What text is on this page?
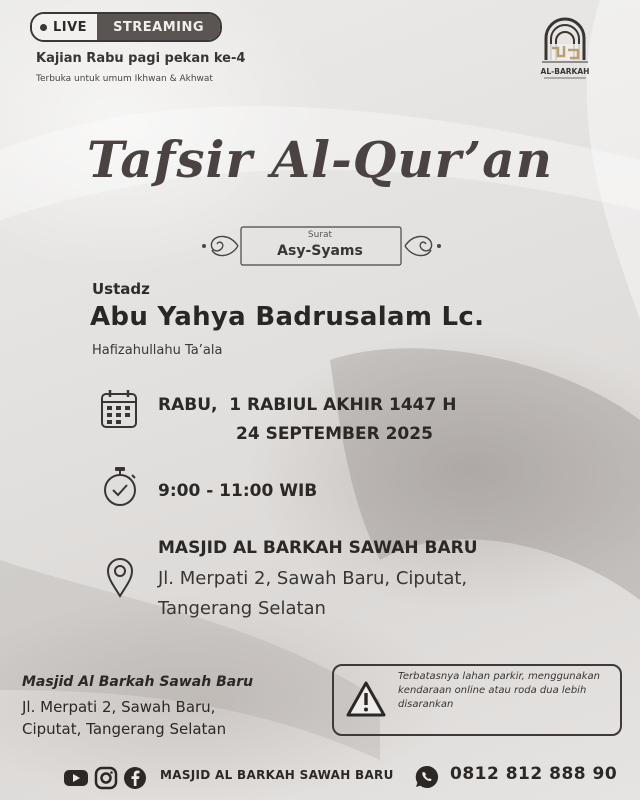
LIVE	STREAMING
Kajian Rabu pagi pekan ke-4
Terbuka untuk umum Ikhwan & Akhwat
AL-BARKAH
Tafsir Al-Qur’an
Surat
Asy-Syams
Ustadz
Abu Yahya Badrusalam Lc.
Hafizahullahu Ta’ala
RABU,  1 RABIUL AKHIR 1447 H
24 SEPTEMBER 2025
9:00 - 11:00 WIB
MASJID AL BARKAH SAWAH BARU
Jl. Merpati 2, Sawah Baru, Ciputat,
Tangerang Selatan
Masjid Al Barkah Sawah Baru
Jl. Merpati 2, Sawah Baru,
Ciputat, Tangerang Selatan
Terbatasnya lahan parkir, menggunakan kendaraan online atau roda dua lebih disarankan
MASJID AL BARKAH SAWAH BARU	0812 812 888 90
